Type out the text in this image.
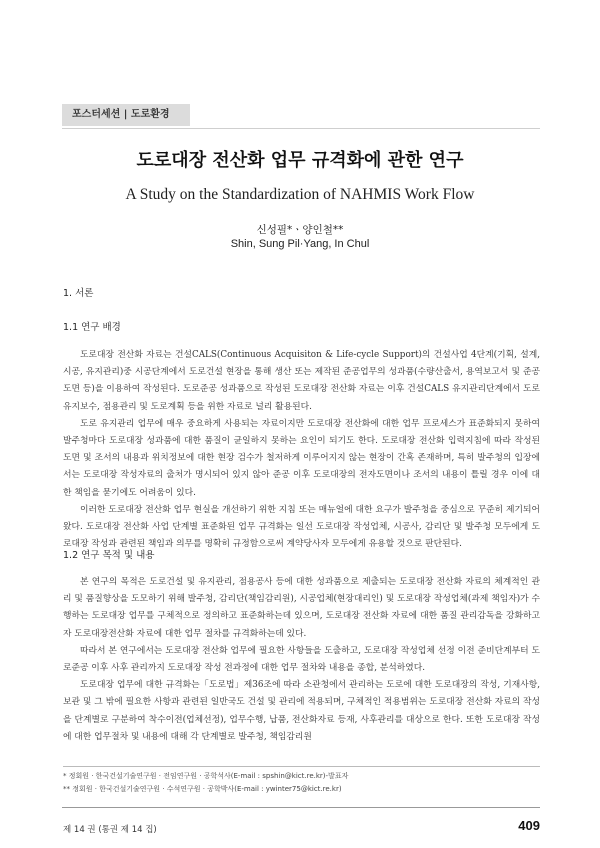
포스터세션 | 도로환경
도로대장 전산화 업무 규격화에 관한 연구
A Study on the Standardization of NAHMIS Work Flow
신성필*ㆍ양인철**
Shin, Sung Pil·Yang, In Chul
1. 서론
1.1 연구 배경

도로대장 전산화 자료는 건설CALS(Continuous Acquisiton & Life-cycle Support)의 건설사업 4단계(기획, 설계, 시공, 유지관리)중 시공단계에서 도로건설 현장을 통해 생산 또는 제작된 준공업무의 성과품(수량산출서, 용역보고서 및 준공도면 등)을 이용하여 작성된다. 도로준공 성과품으로 작성된 도로대장 전산화 자료는 이후 건설CALS 유지관리단계에서 도로유지보수, 점용관리 및 도로계획 등을 위한 자료로 널리 활용된다.

도로 유지관리 업무에 매우 중요하게 사용되는 자료이지만 도로대장 전산화에 대한 업무 프로세스가 표준화되지 못하여 발주청마다 도로대장 성과품에 대한 품질이 균일하지 못하는 요인이 되기도 한다. 도로대장 전산화 입력지침에 따라 작성된 도면 및 조서의 내용과 위치정보에 대한 현장 검수가 철저하게 이루어지지 않는 현장이 간혹 존재하며, 특히 발주청의 입장에서는 도로대장 작성자료의 출처가 명시되어 있지 않아 준공 이후 도로대장의 전자도면이나 조서의 내용이 틀릴 경우 이에 대한 책임을 묻기에도 어려움이 있다.

이러한 도로대장 전산화 업무 현실을 개선하기 위한 지침 또는 매뉴얼에 대한 요구가 발주청을 중심으로 꾸준히 제기되어 왔다. 도로대장 전산화 사업 단계별 표준화된 업무 규격화는 일선 도로대장 작성업체, 시공사, 감리단 및 발주청 모두에게 도로대장 작성과 관련된 책임과 의무를 명확히 규정함으로써 계약당사자 모두에게 유용할 것으로 판단된다.

1.2 연구 목적 및 내용

본 연구의 목적은 도로건설 및 유지관리, 점용공사 등에 대한 성과품으로 제출되는 도로대장 전산화 자료의 체계적인 관리 및 품질향상을 도모하기 위해 발주청, 감리단(책임감리원), 시공업체(현장대리인) 및 도로대장 작성업체(과제 책임자)가 수행하는 도로대장 업무를 구체적으로 정의하고 표준화하는데 있으며, 도로대장 전산화 자료에 대한 품질 관리감독을 강화하고자 도로대장전산화 자료에 대한 업무 절차를 규격화하는데 있다.

따라서 본 연구에서는 도로대장 전산화 업무에 필요한 사항들을 도출하고, 도로대장 작성업체 선정 이전 준비단계부터 도로준공 이후 사후 관리까지 도로대장 작성 전과정에 대한 업무 절차와 내용을 종합, 분석하였다.

도로대장 업무에 대한 규격화는「도로법」제36조에 따라 소관청에서 관리하는 도로에 대한 도로대장의 작성, 기재사항, 보관 및 그 밖에 필요한 사항과 관련된 일반국도 건설 및 관리에 적용되며, 구체적인 적용범위는 도로대장 전산화 자료의 작성을 단계별로 구분하여 착수이전(업체선정), 업무수행, 납품, 전산화자료 등재, 사후관리를 대상으로 한다. 또한 도로대장 작성에 대한 업무절차 및 내용에 대해 각 단계별로 발주청, 책임감리원

* 정회원 · 한국건설기술연구원 · 전임연구원 · 공학석사(E-mail : spshin@kict.re.kr)-발표자
** 정회원 · 한국건설기술연구원 · 수석연구원 · 공학박사(E-mail : ywinter75@kict.re.kr)
제 14 권 (통권 제 14 집)	409
